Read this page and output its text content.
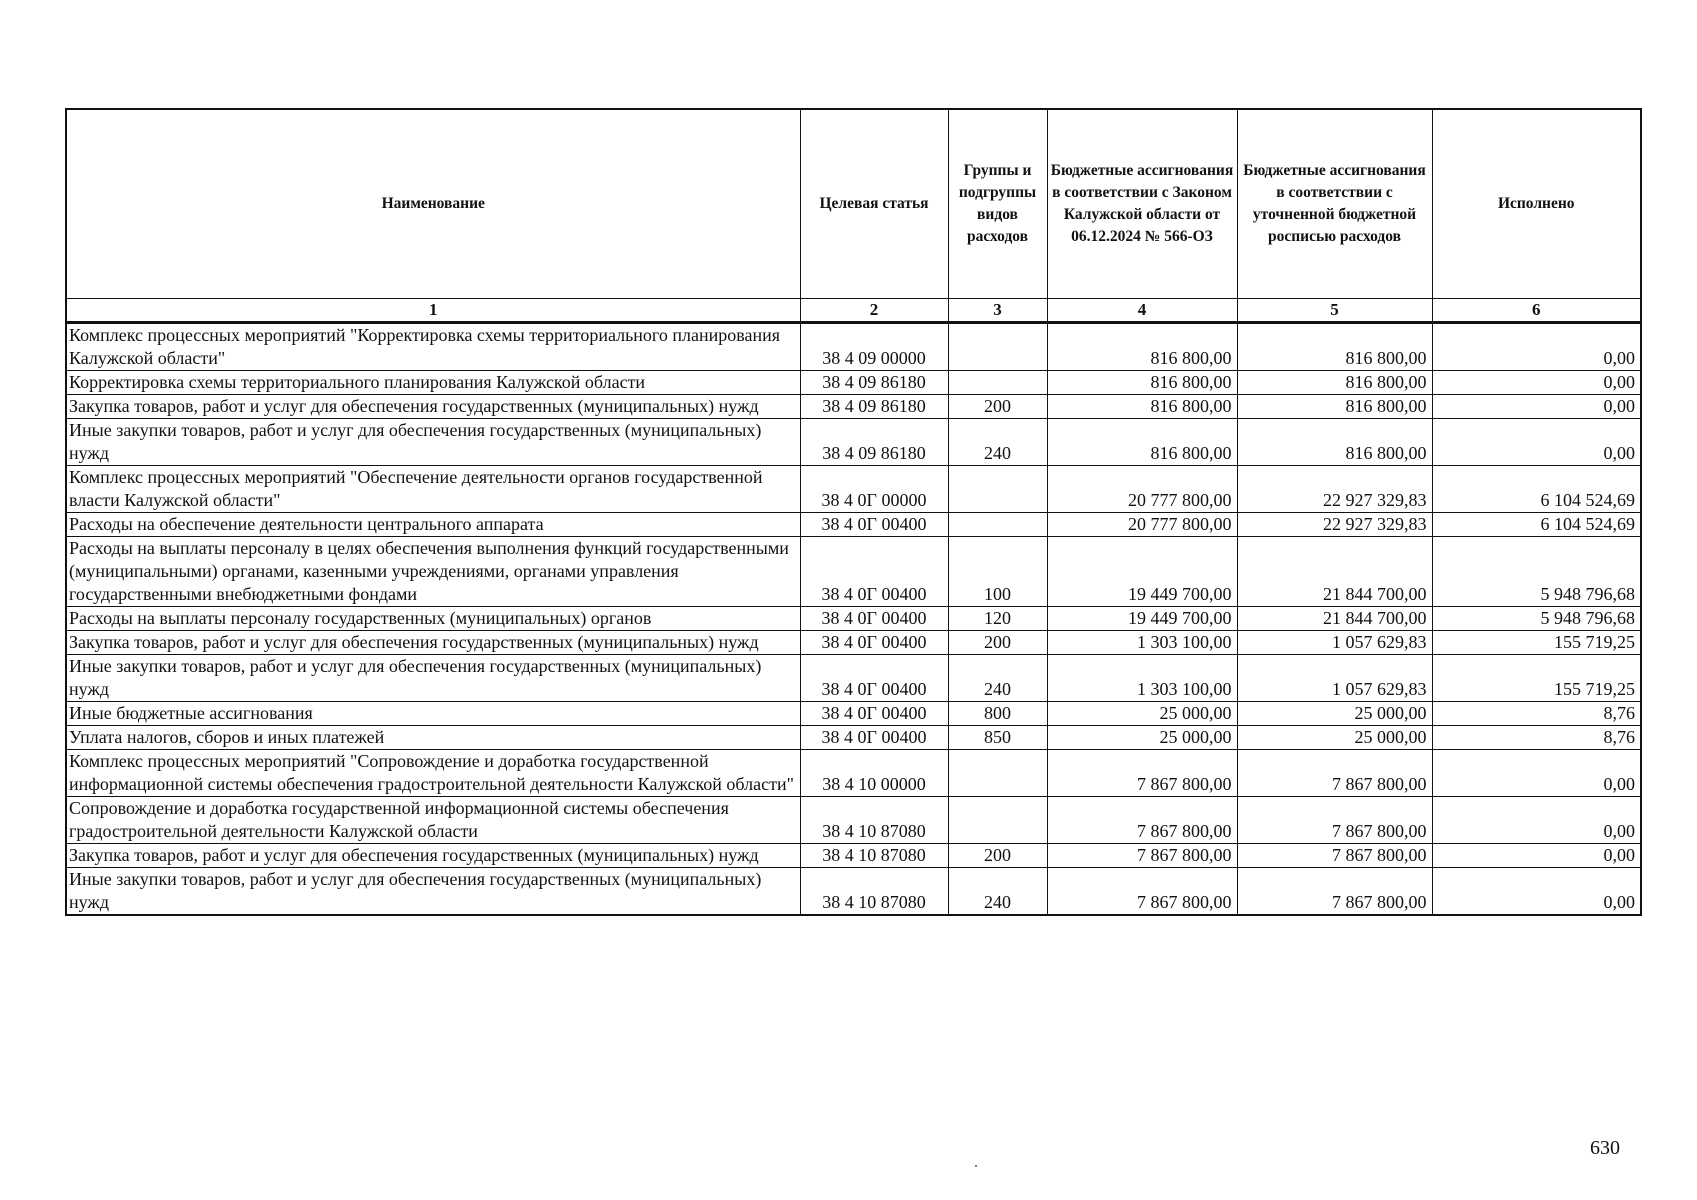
Наименование	Целевая статья	Группы и подгруппы видов расходов	Бюджетные ассигнования в соответствии с Законом Калужской области от 06.12.2024 № 566-ОЗ	Бюджетные ассигнования в соответствии с уточненной бюджетной росписью расходов	Исполнено
1	2	3	4	5	6
Комплекс процессных мероприятий "Корректировка схемы территориального планирования Калужской области"	38 4 09 00000		816 800,00	816 800,00	0,00
Корректировка схемы территориального планирования Калужской области	38 4 09 86180		816 800,00	816 800,00	0,00
Закупка товаров, работ и услуг для обеспечения государственных (муниципальных) нужд	38 4 09 86180	200	816 800,00	816 800,00	0,00
Иные закупки товаров, работ и услуг для обеспечения государственных (муниципальных) нужд	38 4 09 86180	240	816 800,00	816 800,00	0,00
Комплекс процессных мероприятий "Обеспечение деятельности органов государственной власти Калужской области"	38 4 0Г 00000		20 777 800,00	22 927 329,83	6 104 524,69
Расходы на обеспечение деятельности центрального аппарата	38 4 0Г 00400		20 777 800,00	22 927 329,83	6 104 524,69
Расходы на выплаты персоналу в целях обеспечения выполнения функций государственными (муниципальными) органами, казенными учреждениями, органами управления государственными внебюджетными фондами	38 4 0Г 00400	100	19 449 700,00	21 844 700,00	5 948 796,68
Расходы на выплаты персоналу государственных (муниципальных) органов	38 4 0Г 00400	120	19 449 700,00	21 844 700,00	5 948 796,68
Закупка товаров, работ и услуг для обеспечения государственных (муниципальных) нужд	38 4 0Г 00400	200	1 303 100,00	1 057 629,83	155 719,25
Иные закупки товаров, работ и услуг для обеспечения государственных (муниципальных) нужд	38 4 0Г 00400	240	1 303 100,00	1 057 629,83	155 719,25
Иные бюджетные ассигнования	38 4 0Г 00400	800	25 000,00	25 000,00	8,76
Уплата налогов, сборов и иных платежей	38 4 0Г 00400	850	25 000,00	25 000,00	8,76
Комплекс процессных мероприятий "Сопровождение и доработка государственной информационной системы обеспечения градостроительной деятельности Калужской области"	38 4 10 00000		7 867 800,00	7 867 800,00	0,00
Сопровождение и доработка государственной информационной системы обеспечения градостроительной деятельности Калужской области	38 4 10 87080		7 867 800,00	7 867 800,00	0,00
Закупка товаров, работ и услуг для обеспечения государственных (муниципальных) нужд	38 4 10 87080	200	7 867 800,00	7 867 800,00	0,00
Иные закупки товаров, работ и услуг для обеспечения государственных (муниципальных) нужд	38 4 10 87080	240	7 867 800,00	7 867 800,00	0,00
630
